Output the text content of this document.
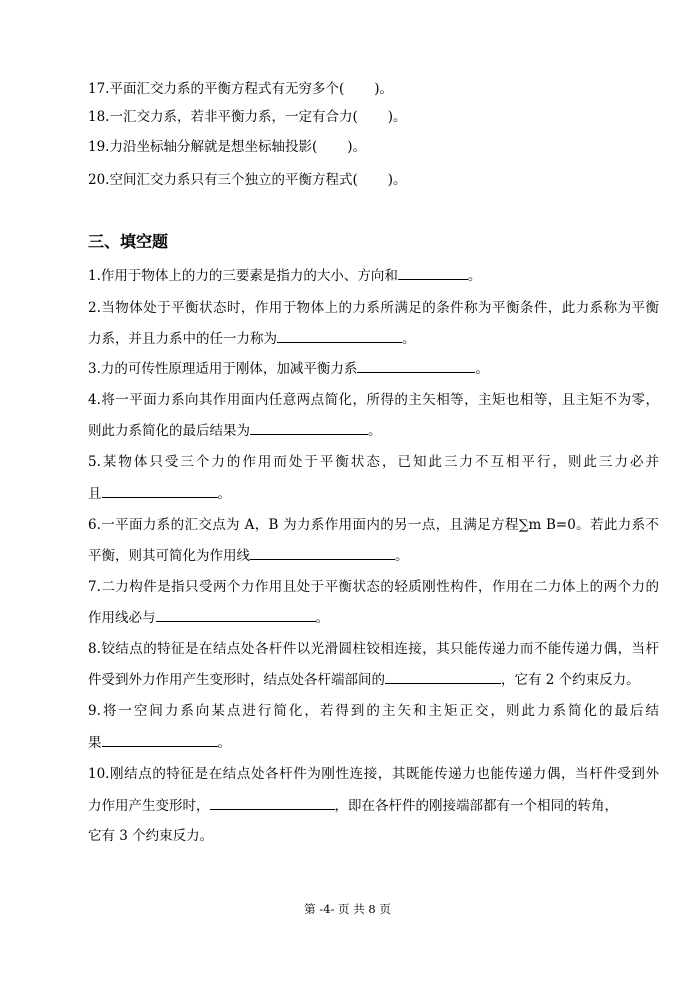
17.平面汇交力系的平衡方程式有无穷多个( )。
18.一汇交力系，若非平衡力系，一定有合力( )。
19.力沿坐标轴分解就是想坐标轴投影( )。
20.空间汇交力系只有三个独立的平衡方程式( )。
三、填空题
1.作用于物体上的力的三要素是指力的大小、方向和	。
2.当物体处于平衡状态时，作用于物体上的力系所满足的条件称为平衡条件，此力系称为平衡
力系，并且力系中的任一力称为	。
3.力的可传性原理适用于刚体，加减平衡力系	。
4.将一平面力系向其作用面内任意两点简化，所得的主矢相等，主矩也相等，且主矩不为零，
则此力系简化的最后结果为	。
5.某物体只受三个力的作用而处于平衡状态，已知此三力不互相平行，则此三力必并
且	。
6.一平面力系的汇交点为 A，B 为力系作用面内的另一点，且满足方程∑m B=0。若此力系不
平衡，则其可简化为作用线	。
7.二力构件是指只受两个力作用且处于平衡状态的轻质刚性构件，作用在二力体上的两个力的
作用线必与	。
8.铰结点的特征是在结点处各杆件以光滑圆柱铰相连接，其只能传递力而不能传递力偶，当杆
件受到外力作用产生变形时，结点处各杆端部间的	，它有 2 个约束反力。
9.将一空间力系向某点进行简化，若得到的主矢和主矩正交，则此力系简化的最后结
果	。
10.刚结点的特征是在结点处各杆件为刚性连接，其既能传递力也能传递力偶，当杆件受到外
力作用产生变形时，	，即在各杆件的刚接端部都有一个相同的转角，
它有 3 个约束反力。
第 -4- 页 共 8 页
